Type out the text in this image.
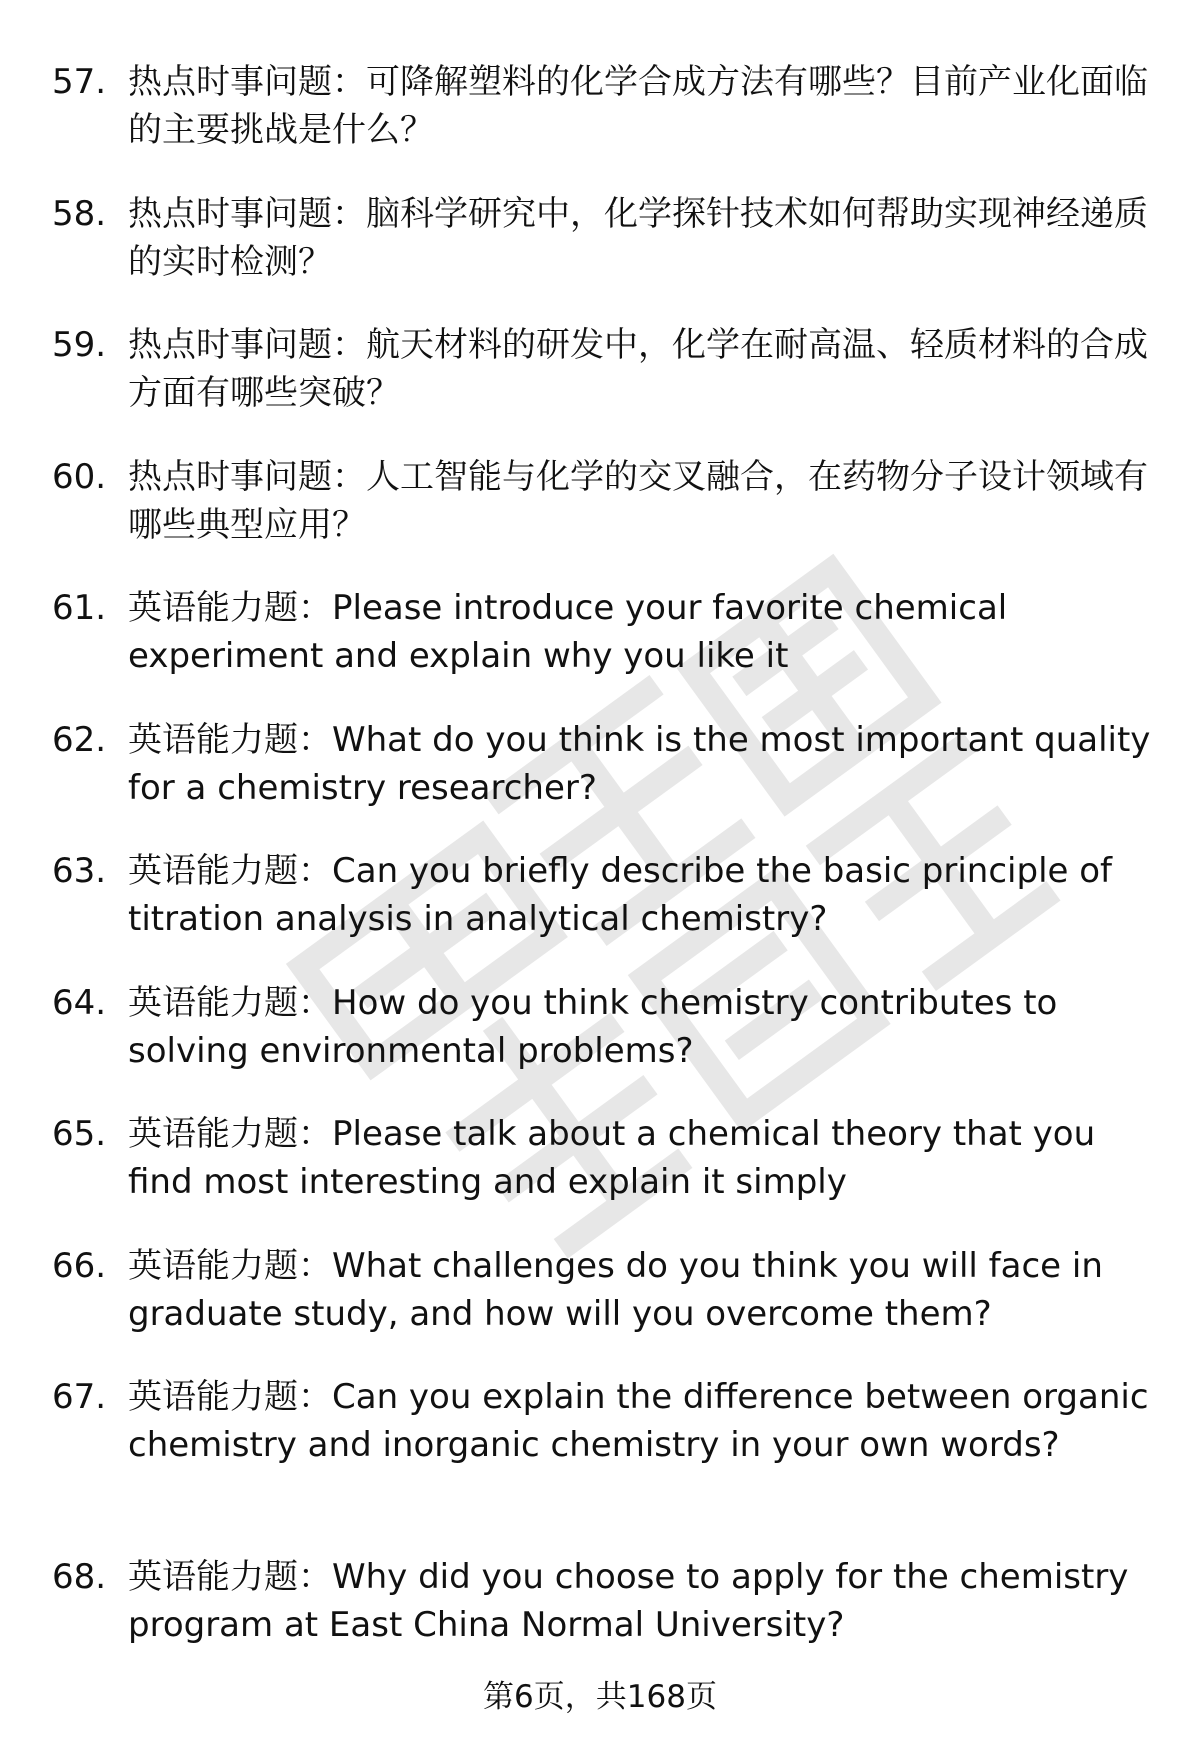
57. 热点时事问题：可降解塑料的化学合成方法有哪些？目前产业化面临的主要挑战是什么？
58. 热点时事问题：脑科学研究中，化学探针技术如何帮助实现神经递质的实时检测？
59. 热点时事问题：航天材料的研发中，化学在耐高温、轻质材料的合成方面有哪些突破？
60. 热点时事问题：人工智能与化学的交叉融合，在药物分子设计领域有哪些典型应用？
61. 英语能力题：Please introduce your favorite chemical experiment and explain why you like it
62. 英语能力题：What do you think is the most important quality for a chemistry researcher?
63. 英语能力题：Can you briefly describe the basic principle of titration analysis in analytical chemistry?
64. 英语能力题：How do you think chemistry contributes to solving environmental problems?
65. 英语能力题：Please talk about a chemical theory that you find most interesting and explain it simply
66. 英语能力题：What challenges do you think you will face in graduate study, and how will you overcome them?
67. 英语能力题：Can you explain the difference between organic chemistry and inorganic chemistry in your own words?
68. 英语能力题：Why did you choose to apply for the chemistry program at East China Normal University?
第6页，共168页
